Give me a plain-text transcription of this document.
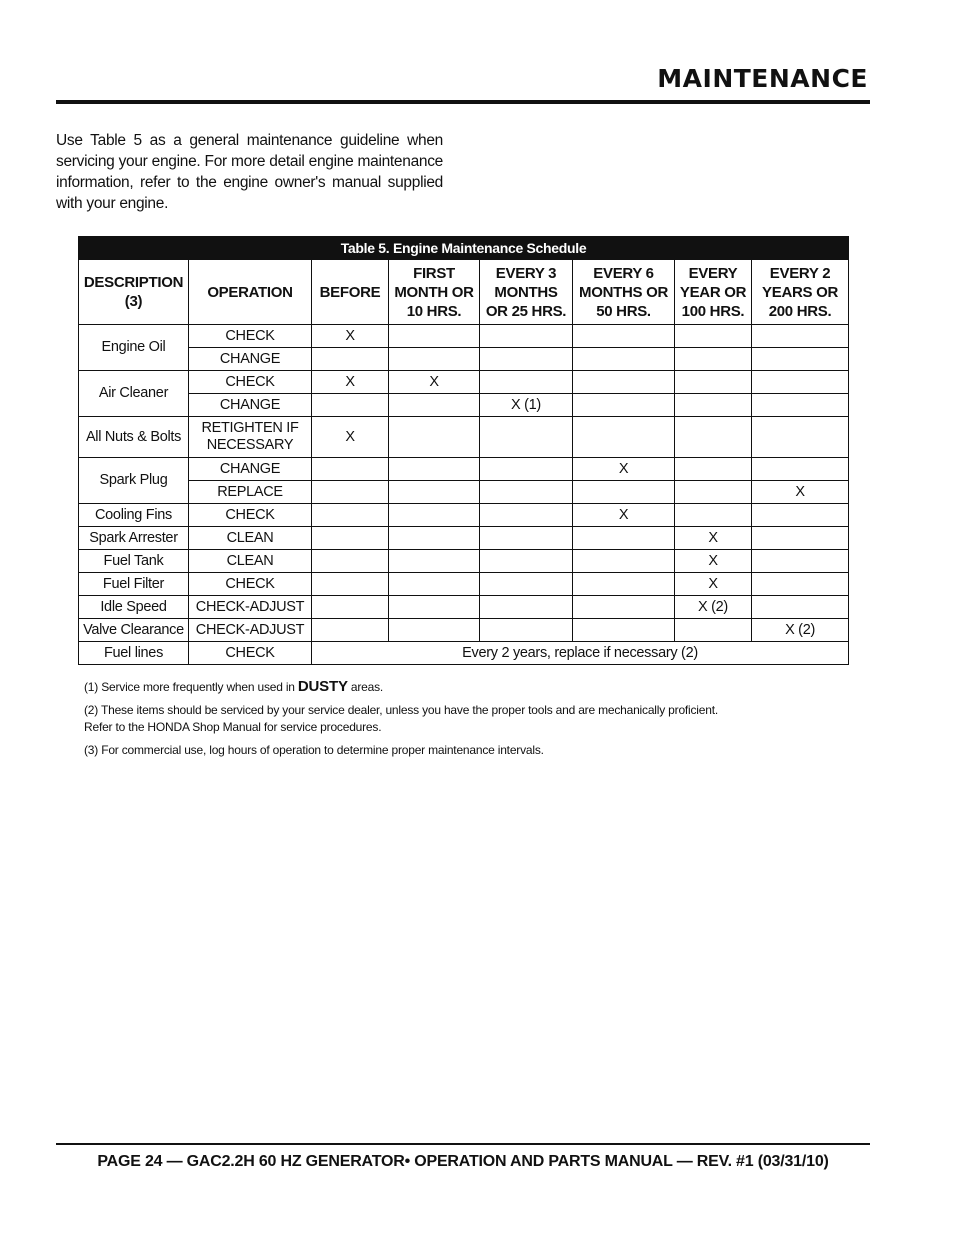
MAINTENANCE

Use Table 5 as a general maintenance guideline when servicing your engine. For more detail engine maintenance information, refer to the engine owner's manual supplied with your engine.

Table 5. Engine Maintenance Schedule							
DESCRIPTION (3)	OPERATION	BEFORE	FIRST MONTH OR 10 HRS.	EVERY 3 MONTHS OR 25 HRS.	EVERY 6 MONTHS OR 50 HRS.	EVERY YEAR OR 100 HRS.	EVERY 2 YEARS OR 200 HRS.
Engine Oil	CHECK	X					
	CHANGE						
Air Cleaner	CHECK	X	X				
	CHANGE			X (1)			
All Nuts & Bolts	RETIGHTEN IF NECESSARY	X					
Spark Plug	CHANGE				X		
	REPLACE						X
Cooling Fins	CHECK				X		
Spark Arrester	CLEAN					X	
Fuel Tank	CLEAN					X	
Fuel Filter	CHECK					X	
Idle Speed	CHECK-ADJUST					X (2)	
Valve Clearance	CHECK-ADJUST						X (2)
Fuel lines	CHECK	Every 2 years, replace if necessary (2)					

(1) Service more frequently when used in DUSTY areas.

(2) These items should be serviced by your service dealer, unless you have the proper tools and are mechanically proficient. Refer to the HONDA Shop Manual for service procedures.

(3) For commercial use, log hours of operation to determine proper maintenance intervals.

PAGE 24 — GAC2.2H 60 HZ GENERATOR• OPERATION AND PARTS MANUAL — REV. #1 (03/31/10)
